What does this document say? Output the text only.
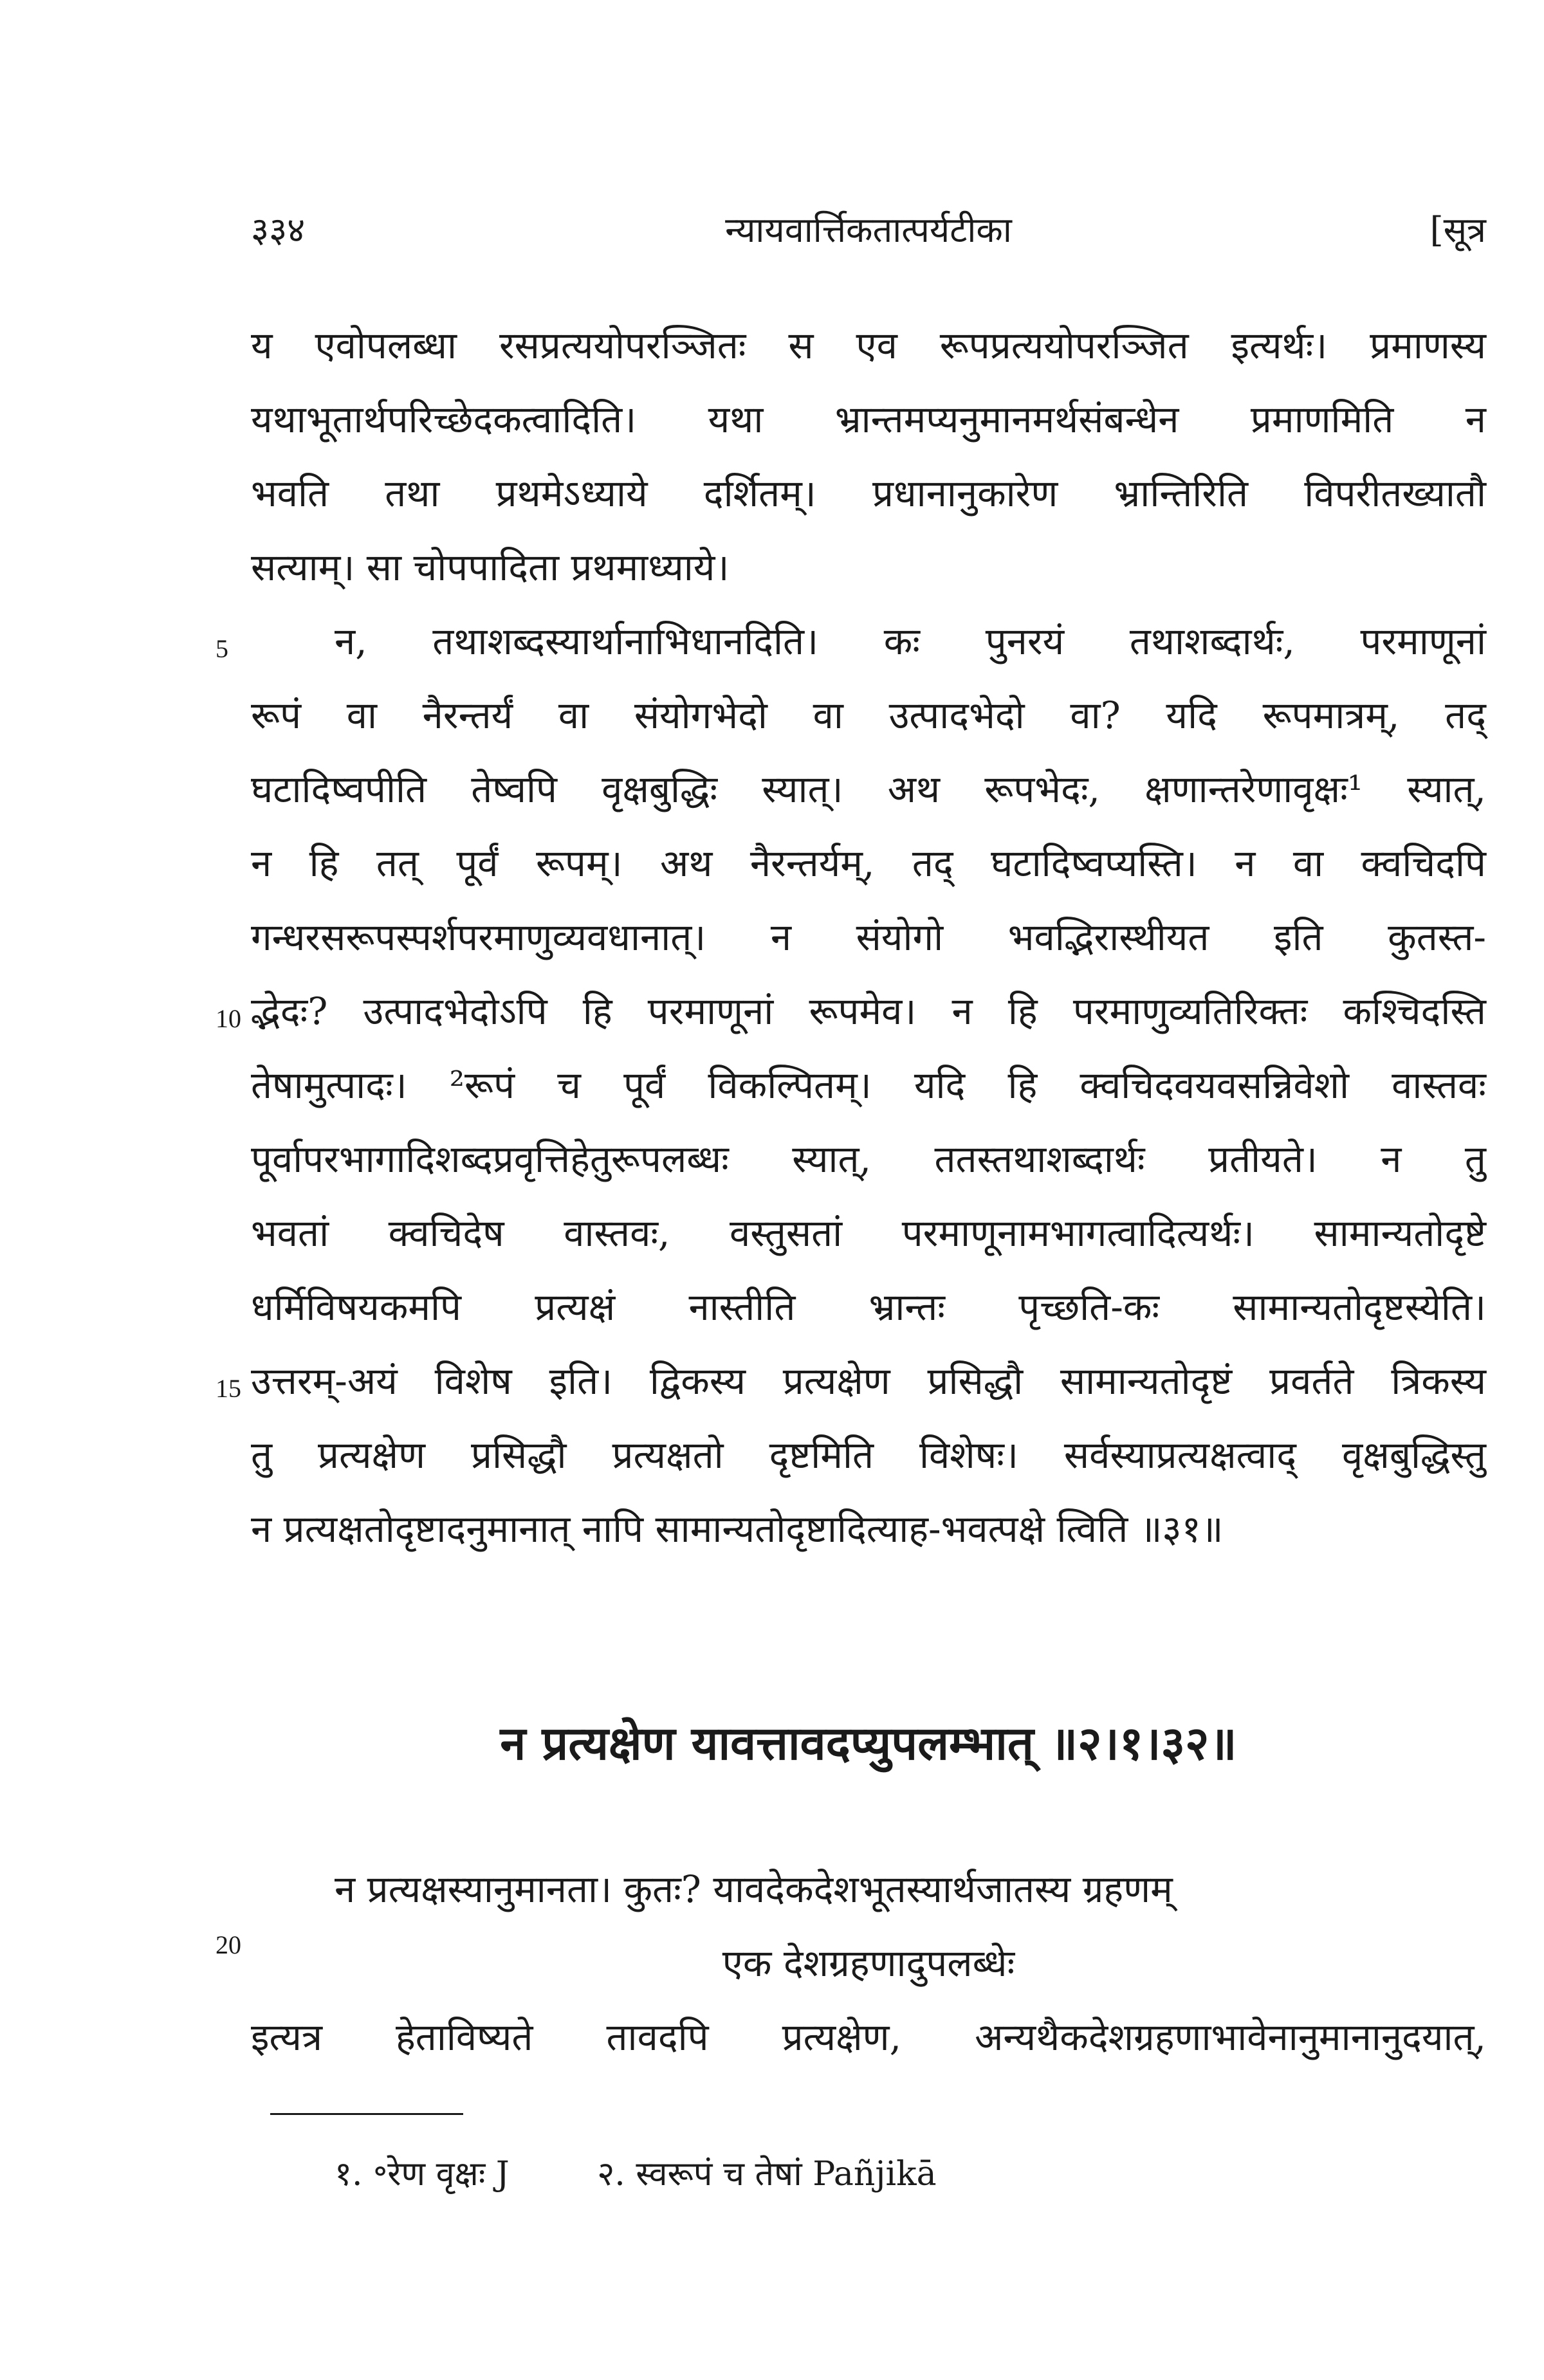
३३४	न्यायवार्त्तिकतात्पर्यटीका	[सूत्र
य एवोपलब्धा रसप्रत्ययोपरञ्जितः स एव रूपप्रत्ययोपरञ्जित इत्यर्थः। प्रमाणस्य
यथाभूतार्थपरिच्छेदकत्वादिति। यथा भ्रान्तमप्यनुमानमर्थसंबन्धेन प्रमाणमिति न
भवति तथा प्रथमेऽध्याये दर्शितम्। प्रधानानुकारेण भ्रान्तिरिति विपरीतख्यातौ
सत्याम्। सा चोपपादिता प्रथमाध्याये।
न, तथाशब्दस्यार्थानाभिधानदिति। कः पुनरयं तथाशब्दार्थः, परमाणूनां
रूपं वा नैरन्तर्यं वा संयोगभेदो वा उत्पादभेदो वा? यदि रूपमात्रम्, तद्
घटादिष्वपीति तेष्वपि वृक्षबुद्धिः स्यात्। अथ रूपभेदः, क्षणान्तरेणावृक्षः¹ स्यात्,
न हि तत् पूर्वं रूपम्। अथ नैरन्तर्यम्, तद् घटादिष्वप्यस्ति। न वा क्वचिदपि
गन्धरसरूपस्पर्शपरमाणुव्यवधानात्। न संयोगो भवद्भिरास्थीयत इति कुतस्त-
द्भेदः? उत्पादभेदोऽपि हि परमाणूनां रूपमेव। न हि परमाणुव्यतिरिक्तः कश्चिदस्ति
तेषामुत्पादः। ²रूपं च पूर्वं विकल्पितम्। यदि हि क्वचिदवयवसन्निवेशो वास्तवः
पूर्वापरभागादिशब्दप्रवृत्तिहेतुरूपलब्धः स्यात्, ततस्तथाशब्दार्थः प्रतीयते। न तु
भवतां क्वचिदेष वास्तवः, वस्तुसतां परमाणूनामभागत्वादित्यर्थः। सामान्यतोदृष्टे
धर्मिविषयकमपि प्रत्यक्षं नास्तीति भ्रान्तः पृच्छति-कः सामान्यतोदृष्टस्येति।
उत्तरम्-अयं विशेष इति। द्विकस्य प्रत्यक्षेण प्रसिद्धौ सामान्यतोदृष्टं प्रवर्तते त्रिकस्य
तु प्रत्यक्षेण प्रसिद्धौ प्रत्यक्षतो दृष्टमिति विशेषः। सर्वस्याप्रत्यक्षत्वाद् वृक्षबुद्धिस्तु
न प्रत्यक्षतोदृष्टादनुमानात् नापि सामान्यतोदृष्टादित्याह-भवत्पक्षे त्विति ॥३१॥
5
10
15
20
न प्रत्यक्षेण यावत्तावदप्युपलम्भात् ॥२।१।३२॥
न प्रत्यक्षस्यानुमानता। कुतः? यावदेकदेशभूतस्यार्थजातस्य ग्रहणम्
एक देशग्रहणादुपलब्धेः
इत्यत्र हेताविष्यते तावदपि प्रत्यक्षेण, अन्यथैकदेशग्रहणाभावेनानुमानानुदयात्,
१. ॰रेण वृक्षः J	२. स्वरूपं च तेषां Pañjikā
